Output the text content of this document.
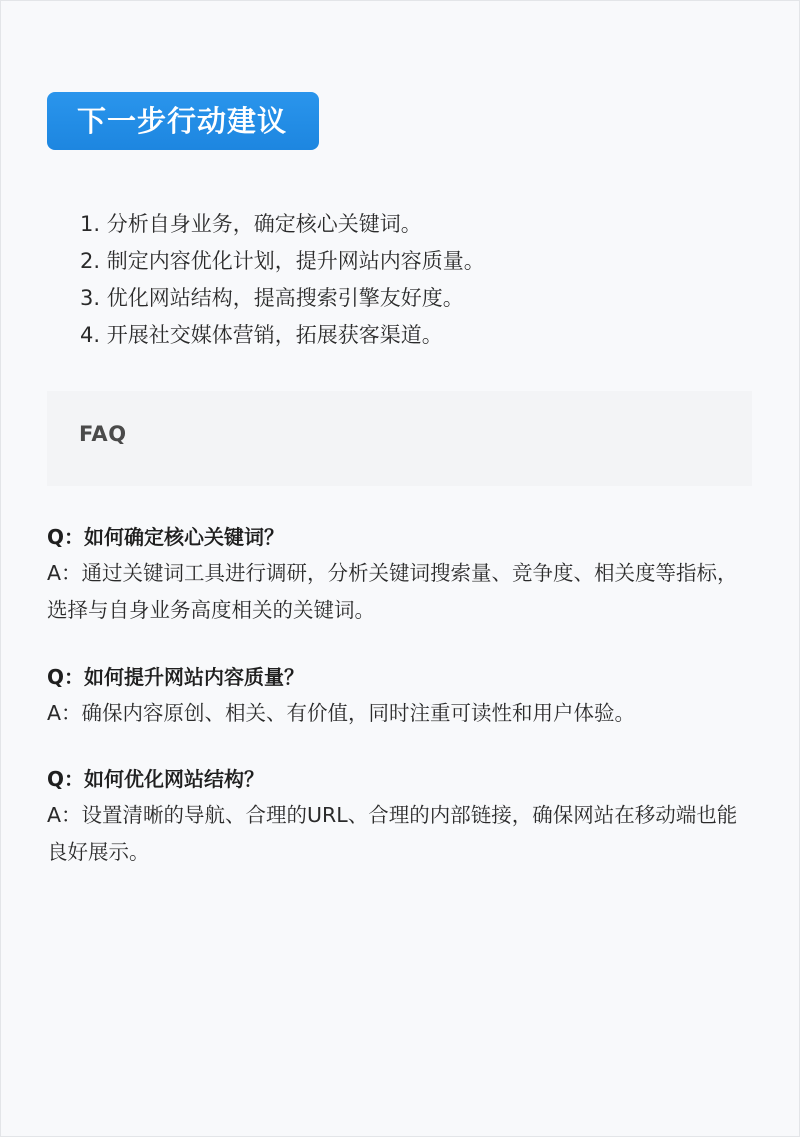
下一步行动建议
1. 分析自身业务，确定核心关键词。
2. 制定内容优化计划，提升网站内容质量。
3. 优化网站结构，提高搜索引擎友好度。
4. 开展社交媒体营销，拓展获客渠道。
FAQ
Q：如何确定核心关键词？
A：通过关键词工具进行调研，分析关键词搜索量、竞争度、相关度等指标，选择与自身业务高度相关的关键词。
Q：如何提升网站内容质量？
A：确保内容原创、相关、有价值，同时注重可读性和用户体验。
Q：如何优化网站结构？
A：设置清晰的导航、合理的URL、合理的内部链接，确保网站在移动端也能良好展示。
